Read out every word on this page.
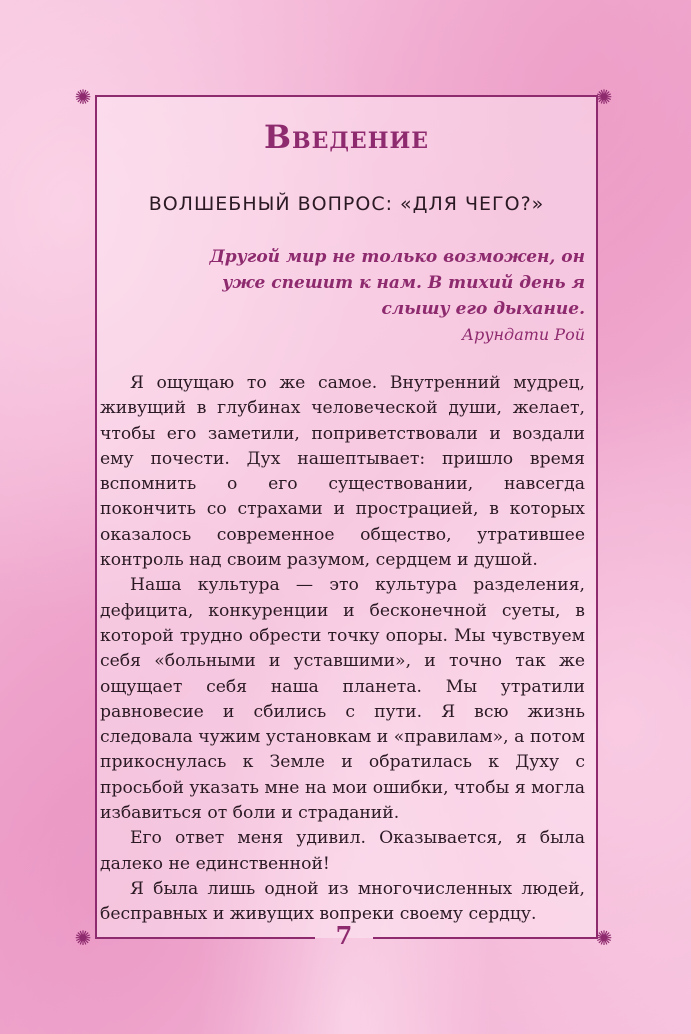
✺	✺
✺	✺
Введение
ВОЛШЕБНЫЙ ВОПРОС: «ДЛЯ ЧЕГО?»
Другой мир не только возможен, он уже спешит к нам. В тихий день я слышу его дыхание.
Арундати Рой

Я ощущаю то же самое. Внутренний мудрец, живущий в глубинах человеческой души, желает, чтобы его заметили, поприветствовали и воздали ему почести. Дух нашептывает: пришло время вспомнить о его существовании, навсегда покончить со страхами и прострацией, в которых оказалось современное общество, утратившее контроль над своим разумом, сердцем и душой.

Наша культура — это культура разделения, дефицита, конкуренции и бесконечной суеты, в которой трудно обрести точку опоры. Мы чувствуем себя «больными и уставшими», и точно так же ощущает себя наша планета. Мы утратили равновесие и сбились с пути. Я всю жизнь следовала чужим установкам и «правилам», а потом прикоснулась к Земле и обратилась к Духу с просьбой указать мне на мои ошибки, чтобы я могла избавиться от боли и страданий.

Его ответ меня удивил. Оказывается, я была далеко не единственной!

Я была лишь одной из многочисленных людей, бесправных и живущих вопреки своему сердцу.

7
